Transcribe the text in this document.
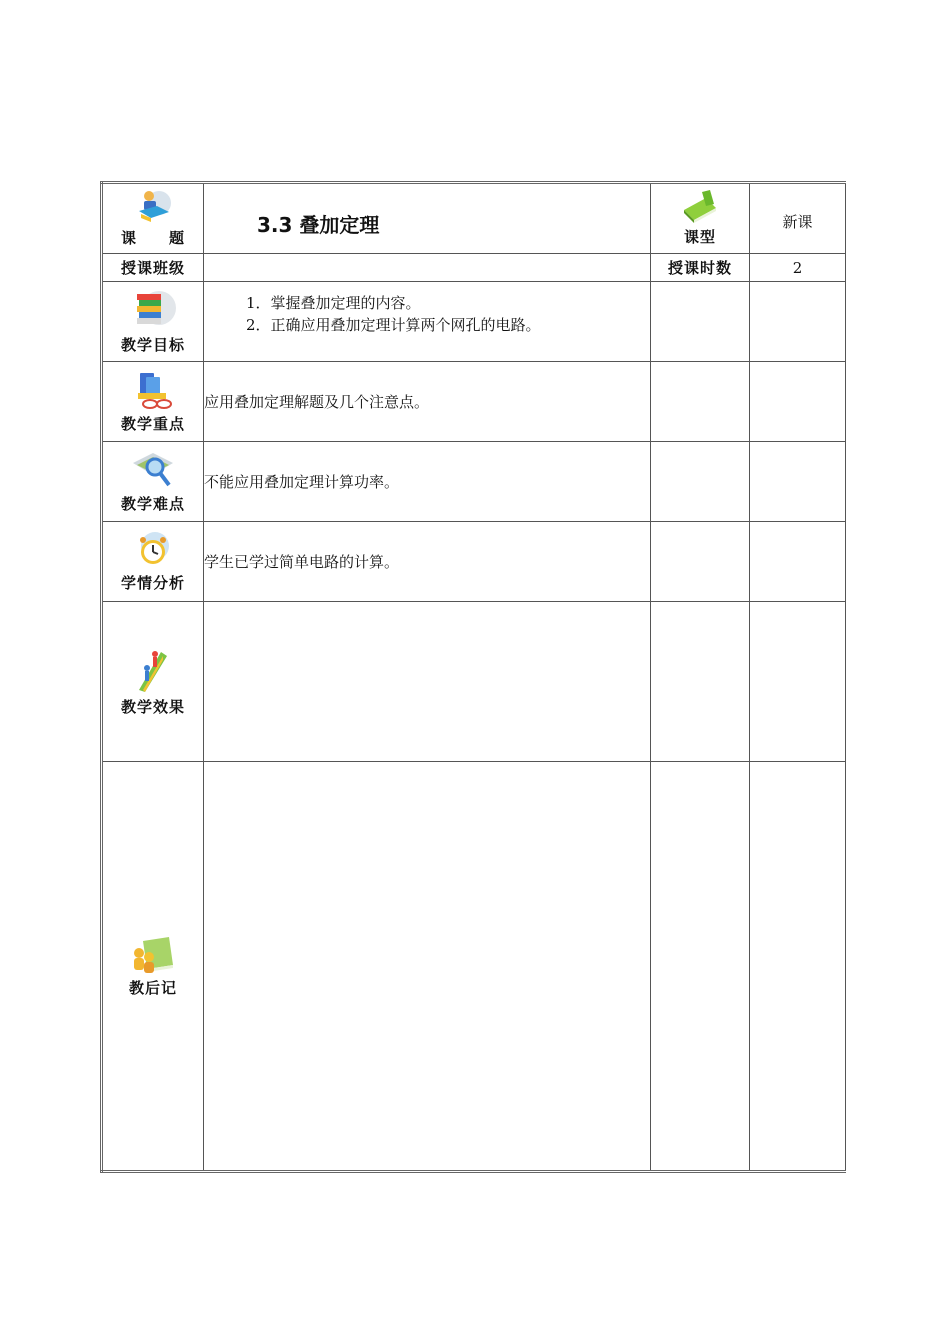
课　　题	3.3 叠加定理	课型	新课

授课班级		授课时数	2

教学目标	1．掌握叠加定理的内容。
2．正确应用叠加定理计算两个网孔的电路。		

教学重点	应用叠加定理解题及几个注意点。		

教学难点	不能应用叠加定理计算功率。		

学情分析	学生已学过简单电路的计算。		

教学效果			

教后记			
